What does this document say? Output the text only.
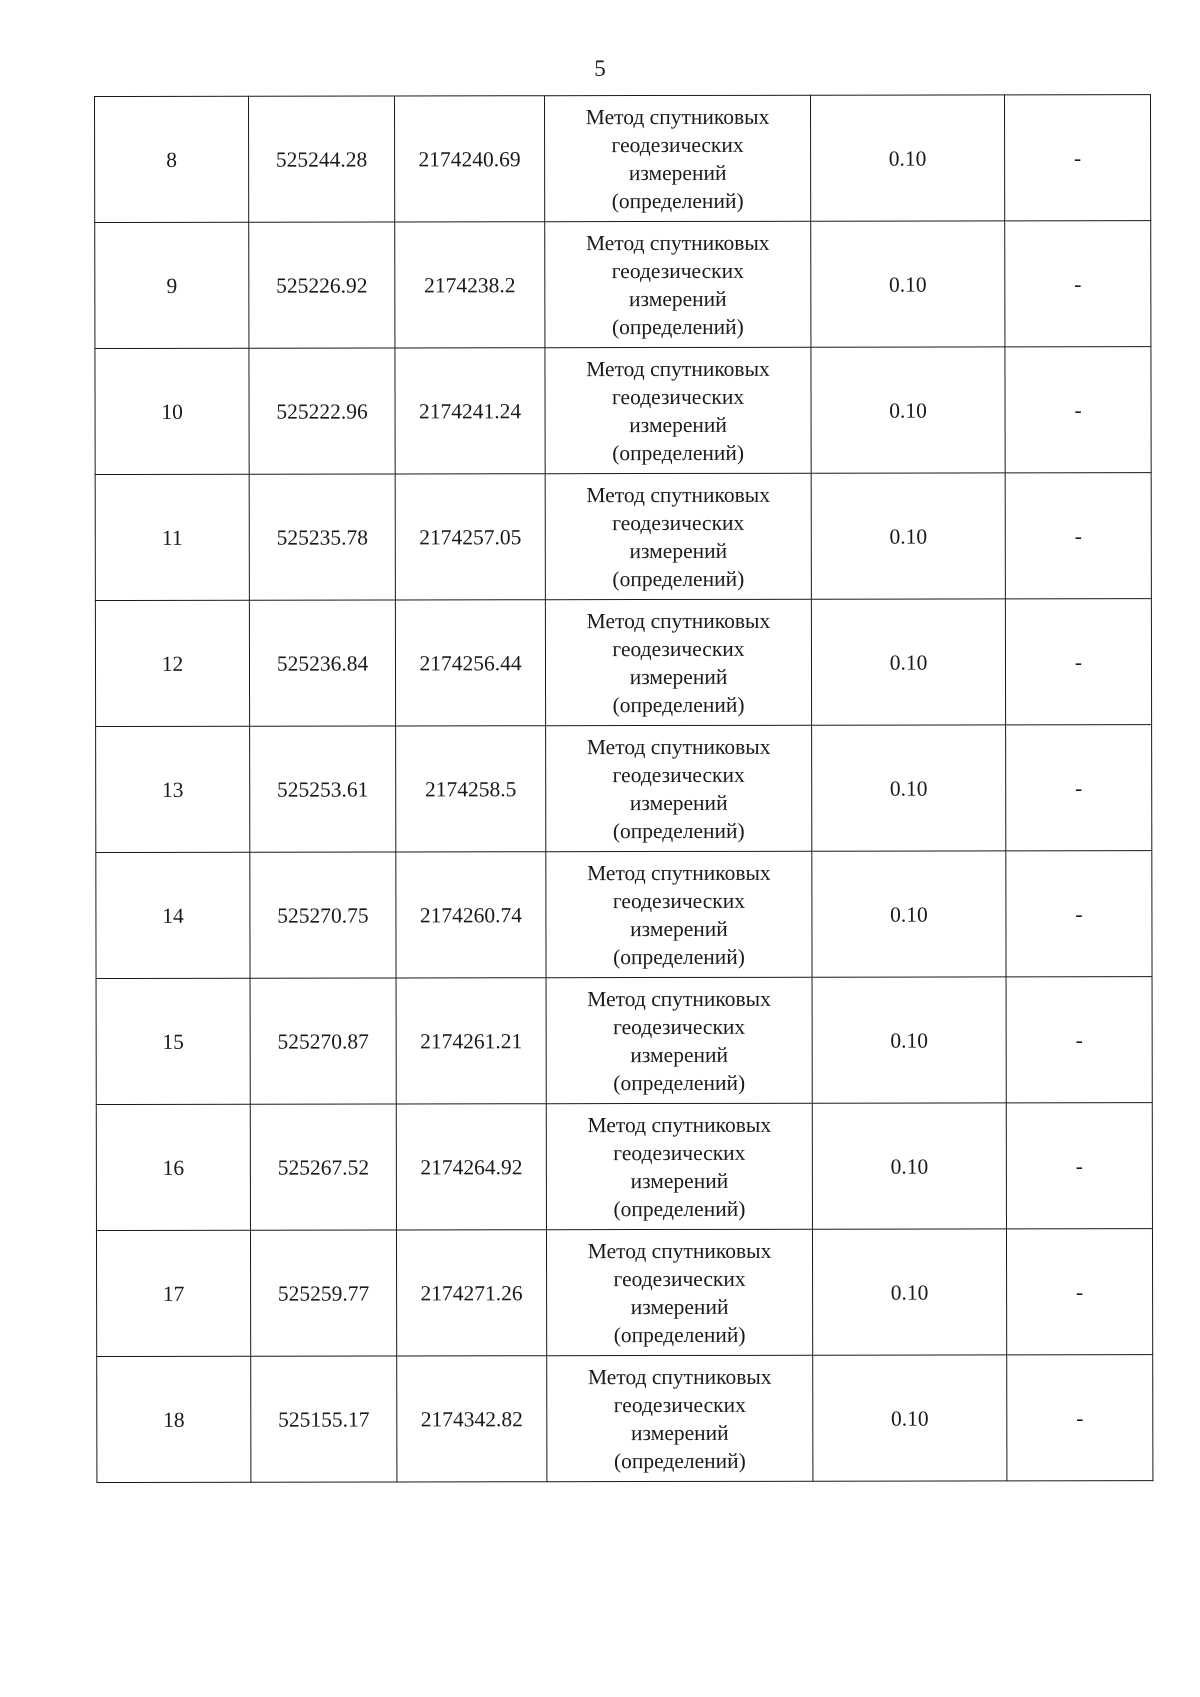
5
8	525244.28	2174240.69	Метод спутниковых
геодезических
измерений
(определений)	0.10	-
9	525226.92	2174238.2	Метод спутниковых
геодезических
измерений
(определений)	0.10	-
10	525222.96	2174241.24	Метод спутниковых
геодезических
измерений
(определений)	0.10	-
11	525235.78	2174257.05	Метод спутниковых
геодезических
измерений
(определений)	0.10	-
12	525236.84	2174256.44	Метод спутниковых
геодезических
измерений
(определений)	0.10	-
13	525253.61	2174258.5	Метод спутниковых
геодезических
измерений
(определений)	0.10	-
14	525270.75	2174260.74	Метод спутниковых
геодезических
измерений
(определений)	0.10	-
15	525270.87	2174261.21	Метод спутниковых
геодезических
измерений
(определений)	0.10	-
16	525267.52	2174264.92	Метод спутниковых
геодезических
измерений
(определений)	0.10	-
17	525259.77	2174271.26	Метод спутниковых
геодезических
измерений
(определений)	0.10	-
18	525155.17	2174342.82	Метод спутниковых
геодезических
измерений
(определений)	0.10	-
